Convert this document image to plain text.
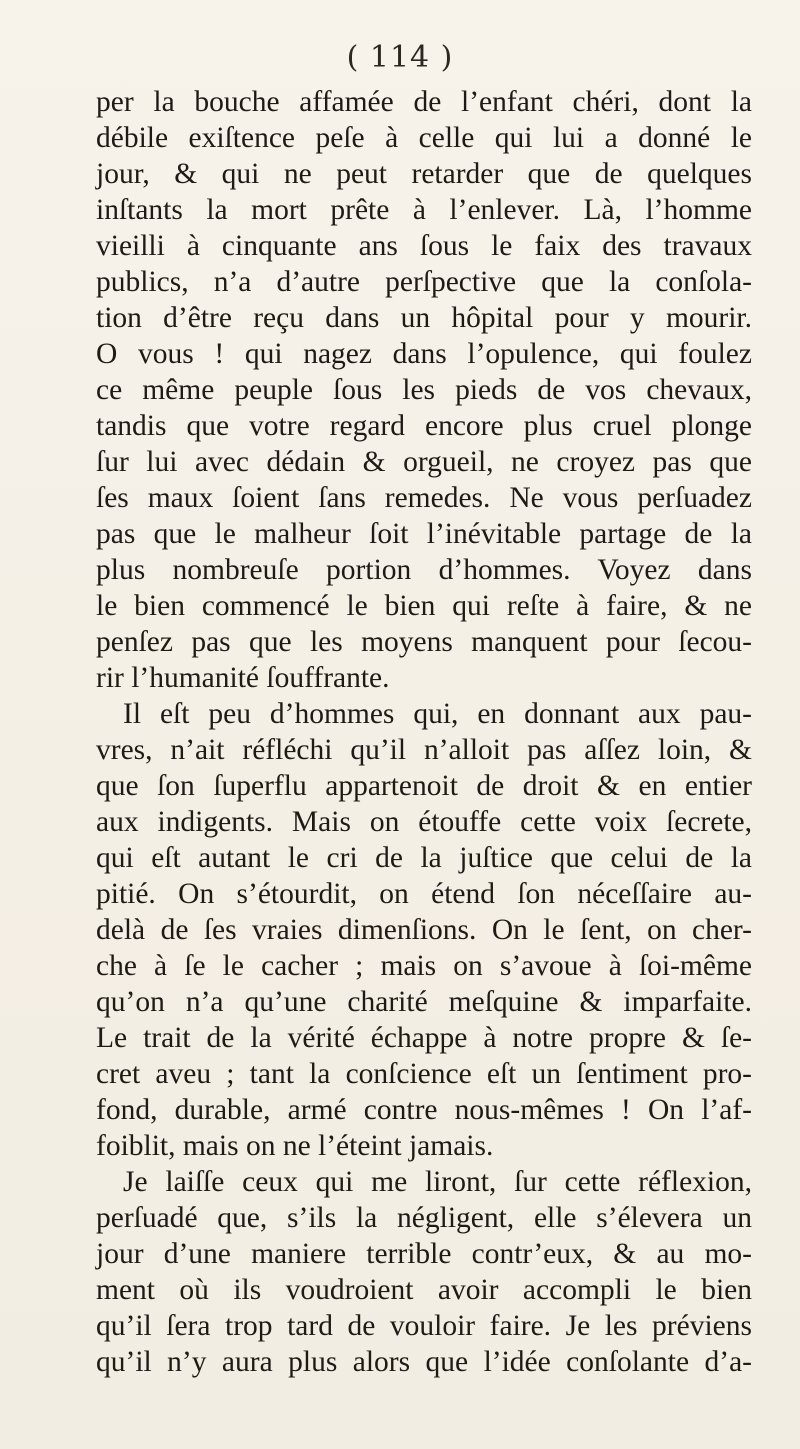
( 114 )
per la bouche affamée de l’enfant chéri, dont la
débile exiſtence peſe à celle qui lui a donné le
jour, & qui ne peut retarder que de quelques
inſtants la mort prête à l’enlever. Là, l’homme
vieilli à cinquante ans ſous le faix des travaux
publics, n’a d’autre perſpective que la conſola-
tion d’être reçu dans un hôpital pour y mourir.
O vous ! qui nagez dans l’opulence, qui foulez
ce même peuple ſous les pieds de vos chevaux,
tandis que votre regard encore plus cruel plonge
ſur lui avec dédain & orgueil, ne croyez pas que
ſes maux ſoient ſans remedes. Ne vous perſuadez
pas que le malheur ſoit l’inévitable partage de la
plus nombreuſe portion d’hommes. Voyez dans
le bien commencé le bien qui reſte à faire, & ne
penſez pas que les moyens manquent pour ſecou-
rir l’humanité ſouffrante.
Il eſt peu d’hommes qui, en donnant aux pau-
vres, n’ait réfléchi qu’il n’alloit pas aſſez loin, &
que ſon ſuperflu appartenoit de droit & en entier
aux indigents. Mais on étouffe cette voix ſecrete,
qui eſt autant le cri de la juſtice que celui de la
pitié. On s’étourdit, on étend ſon néceſſaire au-
delà de ſes vraies dimenſions. On le ſent, on cher-
che à ſe le cacher ; mais on s’avoue à ſoi-même
qu’on n’a qu’une charité meſquine & imparfaite.
Le trait de la vérité échappe à notre propre & ſe-
cret aveu ; tant la conſcience eſt un ſentiment pro-
fond, durable, armé contre nous-mêmes ! On l’af-
foiblit, mais on ne l’éteint jamais.
Je laiſſe ceux qui me liront, ſur cette réflexion,
perſuadé que, s’ils la négligent, elle s’élevera un
jour d’une maniere terrible contr’eux, & au mo-
ment où ils voudroient avoir accompli le bien
qu’il ſera trop tard de vouloir faire. Je les préviens
qu’il n’y aura plus alors que l’idée conſolante d’a-
